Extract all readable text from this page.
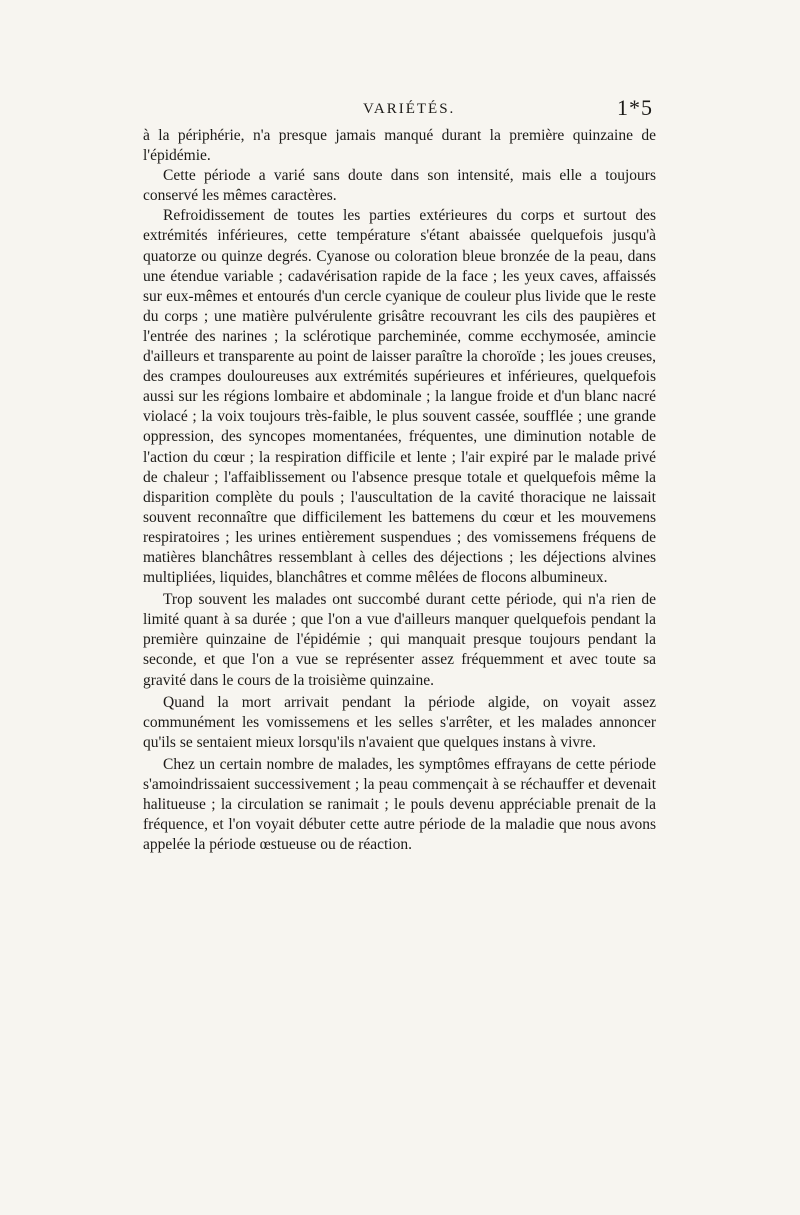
VARIÉTÉS.	1*5

à la périphérie, n'a presque jamais manqué durant la première quinzaine de l'épidémie.

Cette période a varié sans doute dans son intensité, mais elle a toujours conservé les mêmes caractères.

Refroidissement de toutes les parties extérieures du corps et surtout des extrémités inférieures, cette température s'étant abaissée quelquefois jusqu'à quatorze ou quinze degrés. Cyanose ou coloration bleue bronzée de la peau, dans une étendue variable ; cadavérisation rapide de la face ; les yeux caves, affaissés sur eux-mêmes et entourés d'un cercle cyanique de couleur plus livide que le reste du corps ; une matière pulvérulente grisâtre recouvrant les cils des paupières et l'entrée des narines ; la sclérotique parcheminée, comme ecchymosée, amincie d'ailleurs et transparente au point de laisser paraître la choroïde ; les joues creuses, des crampes douloureuses aux extrémités supérieures et inférieures, quelquefois aussi sur les régions lombaire et abdominale ; la langue froide et d'un blanc nacré violacé ; la voix toujours très-faible, le plus souvent cassée, soufflée ; une grande oppression, des syncopes momentanées, fréquentes, une diminution notable de l'action du cœur ; la respiration difficile et lente ; l'air expiré par le malade privé de chaleur ; l'affaiblissement ou l'absence presque totale et quelquefois même la disparition complète du pouls ; l'auscultation de la cavité thoracique ne laissait souvent reconnaître que difficilement les battemens du cœur et les mouvemens respiratoires ; les urines entièrement suspendues ; des vomissemens fréquens de matières blanchâtres ressemblant à celles des déjections ; les déjections alvines multipliées, liquides, blanchâtres et comme mêlées de flocons albumineux.

Trop souvent les malades ont succombé durant cette période, qui n'a rien de limité quant à sa durée ; que l'on a vue d'ailleurs manquer quelquefois pendant la première quinzaine de l'épidémie ; qui manquait presque toujours pendant la seconde, et que l'on a vue se représenter assez fréquemment et avec toute sa gravité dans le cours de la troisième quinzaine.

Quand la mort arrivait pendant la période algide, on voyait assez communément les vomissemens et les selles s'arrêter, et les malades annoncer qu'ils se sentaient mieux lorsqu'ils n'avaient que quelques instans à vivre.

Chez un certain nombre de malades, les symptômes effrayans de cette période s'amoindrissaient successivement ; la peau commençait à se réchauffer et devenait halitueuse ; la circulation se ranimait ; le pouls devenu appréciable prenait de la fréquence, et l'on voyait débuter cette autre période de la maladie que nous avons appelée la période œstueuse ou de réaction.
